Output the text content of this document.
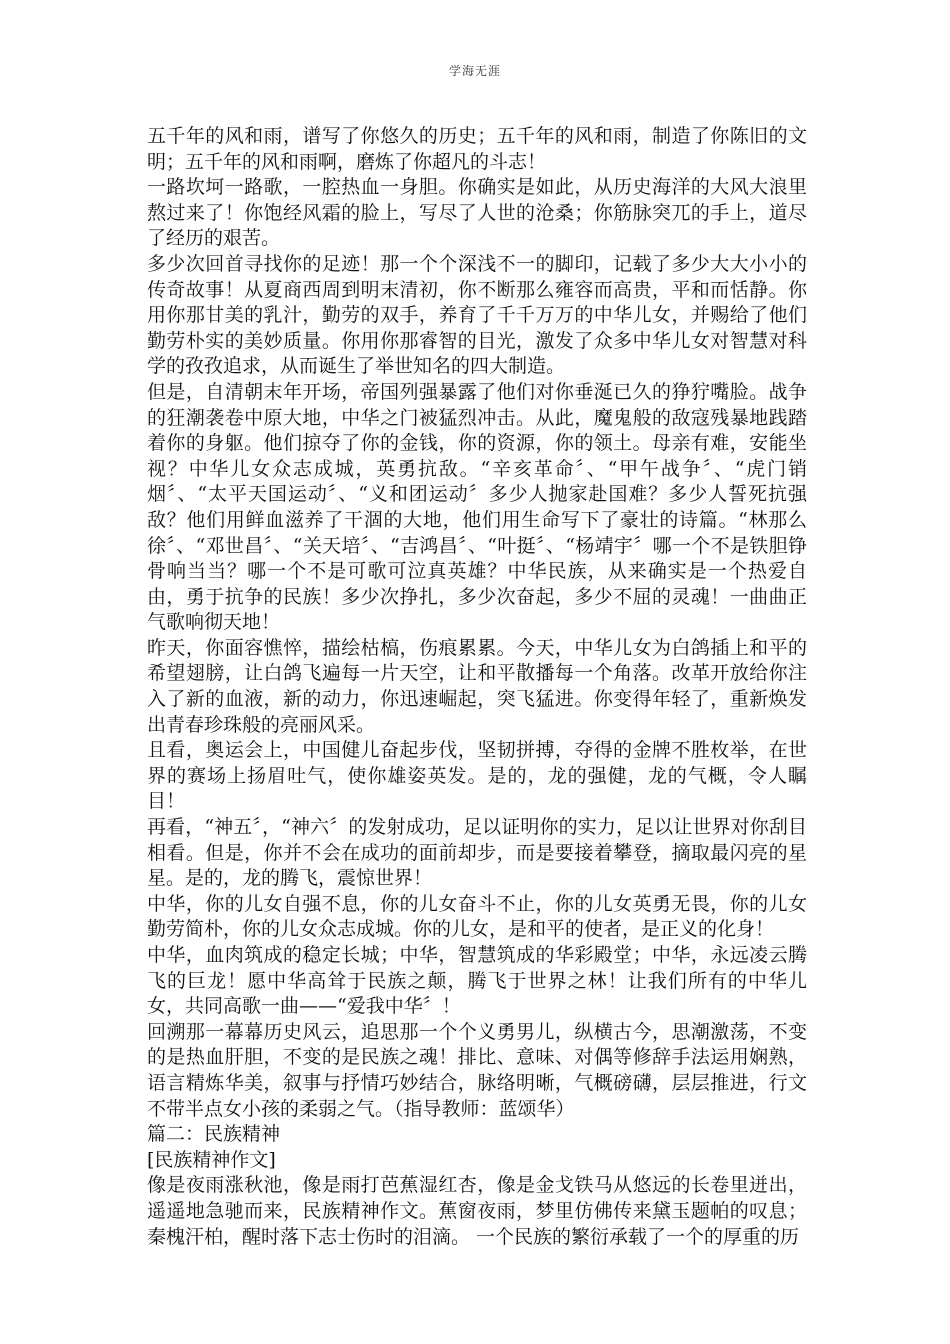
学海无涯

五千年的风和雨，谱写了你悠久的历史；五千年的风和雨，制造了你陈旧的文明；五千年的风和雨啊，磨炼了你超凡的斗志！

一路坎坷一路歌，一腔热血一身胆。你确实是如此，从历史海洋的大风大浪里熬过来了！你饱经风霜的脸上，写尽了人世的沧桑；你筋脉突兀的手上，道尽了经历的艰苦。

多少次回首寻找你的足迹！那一个个深浅不一的脚印，记载了多少大大小小的传奇故事！从夏商西周到明末清初，你不断那么雍容而高贵，平和而恬静。你用你那甘美的乳汁，勤劳的双手，养育了千千万万的中华儿女，并赐给了他们勤劳朴实的美妙质量。你用你那睿智的目光，激发了众多中华儿女对智慧对科学的孜孜追求，从而诞生了举世知名的四大制造。

但是，自清朝末年开场，帝国列强暴露了他们对你垂涎已久的狰狞嘴脸。战争的狂潮袭卷中原大地，中华之门被猛烈冲击。从此，魔鬼般的敌寇残暴地践踏着你的身躯。他们掠夺了你的金钱，你的资源，你的领土。母亲有难，安能坐视？中华儿女众志成城，英勇抗敌。“辛亥革命〞、“甲午战争〞、“虎门销烟〞、“太平天国运动〞、“义和团运动〞多少人抛家赴国难？多少人誓死抗强敌？他们用鲜血滋养了干涸的大地，他们用生命写下了豪壮的诗篇。“林那么徐〞、“邓世昌〞、“关天培〞、“吉鸿昌〞、“叶挺〞、“杨靖宇〞哪一个不是铁胆铮骨响当当？哪一个不是可歌可泣真英雄？中华民族，从来确实是一个热爱自由，勇于抗争的民族！多少次挣扎，多少次奋起，多少不屈的灵魂！一曲曲正气歌响彻天地！

昨天，你面容憔悴，描绘枯槁，伤痕累累。今天，中华儿女为白鸽插上和平的希望翅膀，让白鸽飞遍每一片天空，让和平散播每一个角落。改革开放给你注入了新的血液，新的动力，你迅速崛起，突飞猛进。你变得年轻了，重新焕发出青春珍珠般的亮丽风采。

且看，奥运会上，中国健儿奋起步伐，坚韧拼搏，夺得的金牌不胜枚举，在世界的赛场上扬眉吐气，使你雄姿英发。是的，龙的强健，龙的气概，令人瞩目！

再看，“神五〞，“神六〞的发射成功，足以证明你的实力，足以让世界对你刮目相看。但是，你并不会在成功的面前却步，而是要接着攀登，摘取最闪亮的星星。是的，龙的腾飞，震惊世界！

中华，你的儿女自强不息，你的儿女奋斗不止，你的儿女英勇无畏，你的儿女勤劳简朴，你的儿女众志成城。你的儿女，是和平的使者，是正义的化身！

中华，血肉筑成的稳定长城；中华，智慧筑成的华彩殿堂；中华，永远凌云腾飞的巨龙！愿中华高耸于民族之颠，腾飞于世界之林！让我们所有的中华儿女，共同高歌一曲——“爱我中华〞！

回溯那一幕幕历史风云，追思那一个个义勇男儿，纵横古今，思潮激荡，不变的是热血肝胆，不变的是民族之魂！排比、意味、对偶等修辞手法运用娴熟，语言精炼华美，叙事与抒情巧妙结合，脉络明晰，气概磅礴，层层推进，行文不带半点女小孩的柔弱之气。（指导教师：蓝颂华）

篇二：民族精神

[民族精神作文]

像是夜雨涨秋池，像是雨打芭蕉湿红杏，像是金戈铁马从悠远的长卷里迸出，遥遥地急驰而来，民族精神作文。蕉窗夜雨，梦里仿佛传来黛玉题帕的叹息；秦槐汗柏，醒时落下志士伤时的泪滴。 一个民族的繁衍承载了一个的厚重的历
